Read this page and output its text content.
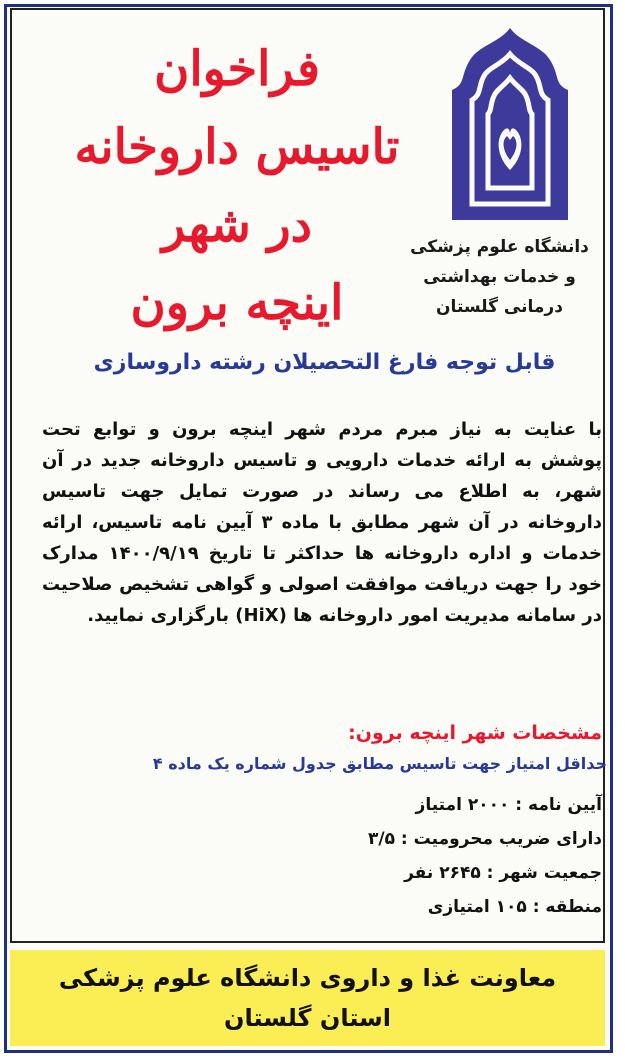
دانشگاه علوم پزشکی
و خدمات بهداشتی
درمانی گلستان
فراخوان
تاسیس داروخانه
در شهر
اینچه برون
قابل توجه فارغ التحصیلان رشته داروسازی
با عنایت به نیاز مبرم مردم شهر اینچه برون و توابع تحت پوشش به ارائه خدمات دارویی و تاسیس داروخانه جدید در آن شهر، به اطلاع می رساند در صورت تمایل جهت تاسیس داروخانه در آن شهر مطابق با ماده ۳ آیین نامه تاسیس، ارائه خدمات و اداره داروخانه ها حداکثر تا تاریخ ۱۴۰۰/۹/۱۹ مدارک خود را جهت دریافت موافقت اصولی و گواهی تشخیص صلاحیت در سامانه مدیریت امور داروخانه ها (HiX) بارگزاری نمایید.
مشخصات شهر اینچه برون:
حداقل امتیاز جهت تاسیس مطابق جدول شماره یک ماده ۴
آیین نامه : ۲۰۰۰ امتیاز
دارای ضریب محرومیت : ۳/۵
جمعیت شهر : ۲۶۴۵ نفر
منطقه : ۱۰۵ امتیازی
معاونت غذا و داروی دانشگاه علوم پزشکی
استان گلستان
